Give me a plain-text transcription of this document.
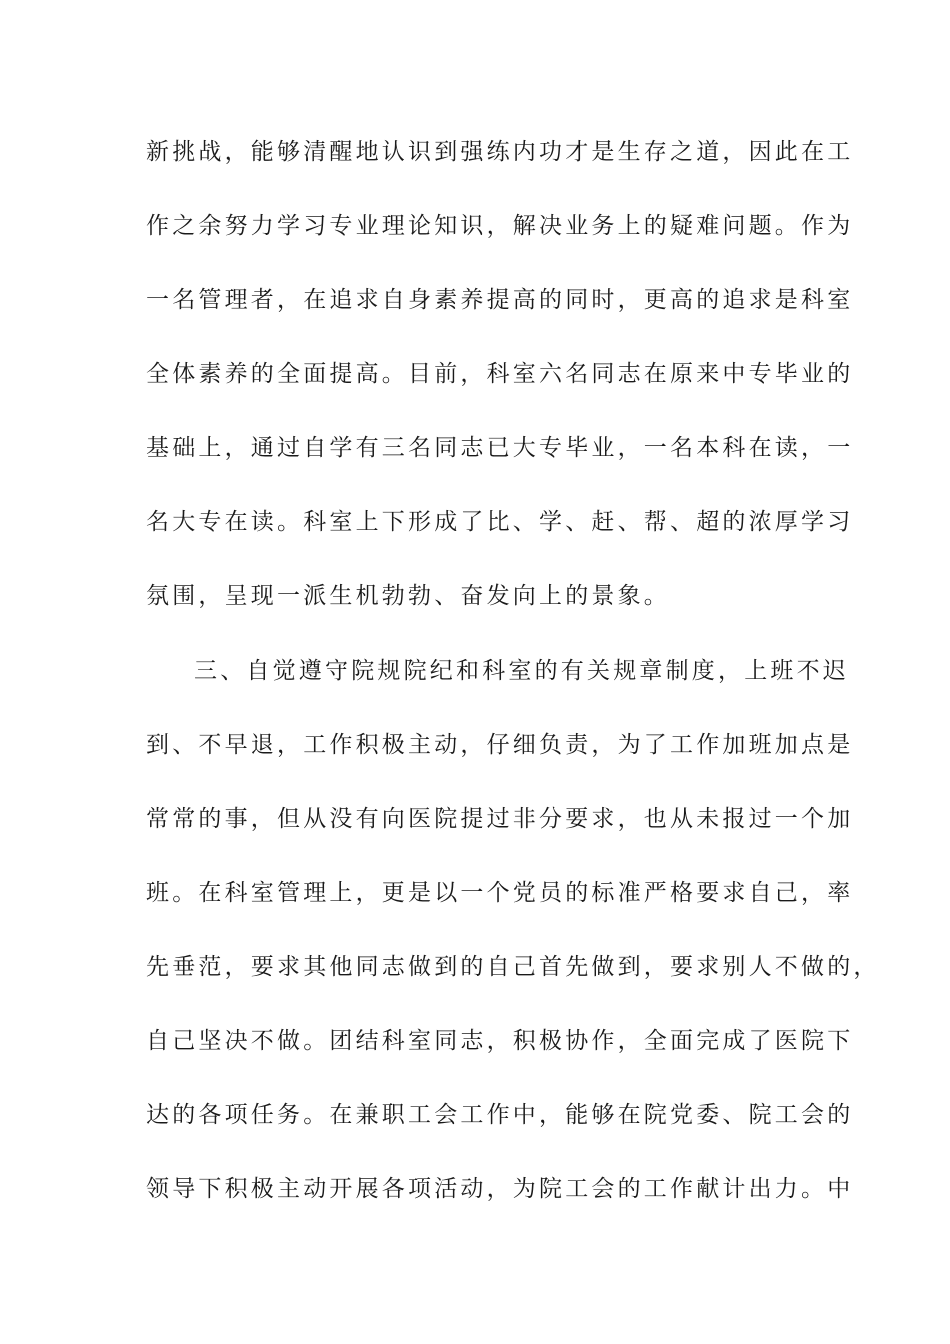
新挑战，能够清醒地认识到强练内功才是生存之道，因此在工
作之余努力学习专业理论知识，解决业务上的疑难问题。作为
一名管理者，在追求自身素养提高的同时，更高的追求是科室
全体素养的全面提高。目前，科室六名同志在原来中专毕业的
基础上，通过自学有三名同志已大专毕业，一名本科在读，一
名大专在读。科室上下形成了比、学、赶、帮、超的浓厚学习
氛围，呈现一派生机勃勃、奋发向上的景象。
三、自觉遵守院规院纪和科室的有关规章制度，上班不迟
到、不早退，工作积极主动，仔细负责，为了工作加班加点是
常常的事，但从没有向医院提过非分要求，也从未报过一个加
班。在科室管理上，更是以一个党员的标准严格要求自己，率
先垂范，要求其他同志做到的自己首先做到，要求别人不做的，
自己坚决不做。团结科室同志，积极协作，全面完成了医院下
达的各项任务。在兼职工会工作中，能够在院党委、院工会的
领导下积极主动开展各项活动，为院工会的工作献计出力。中
